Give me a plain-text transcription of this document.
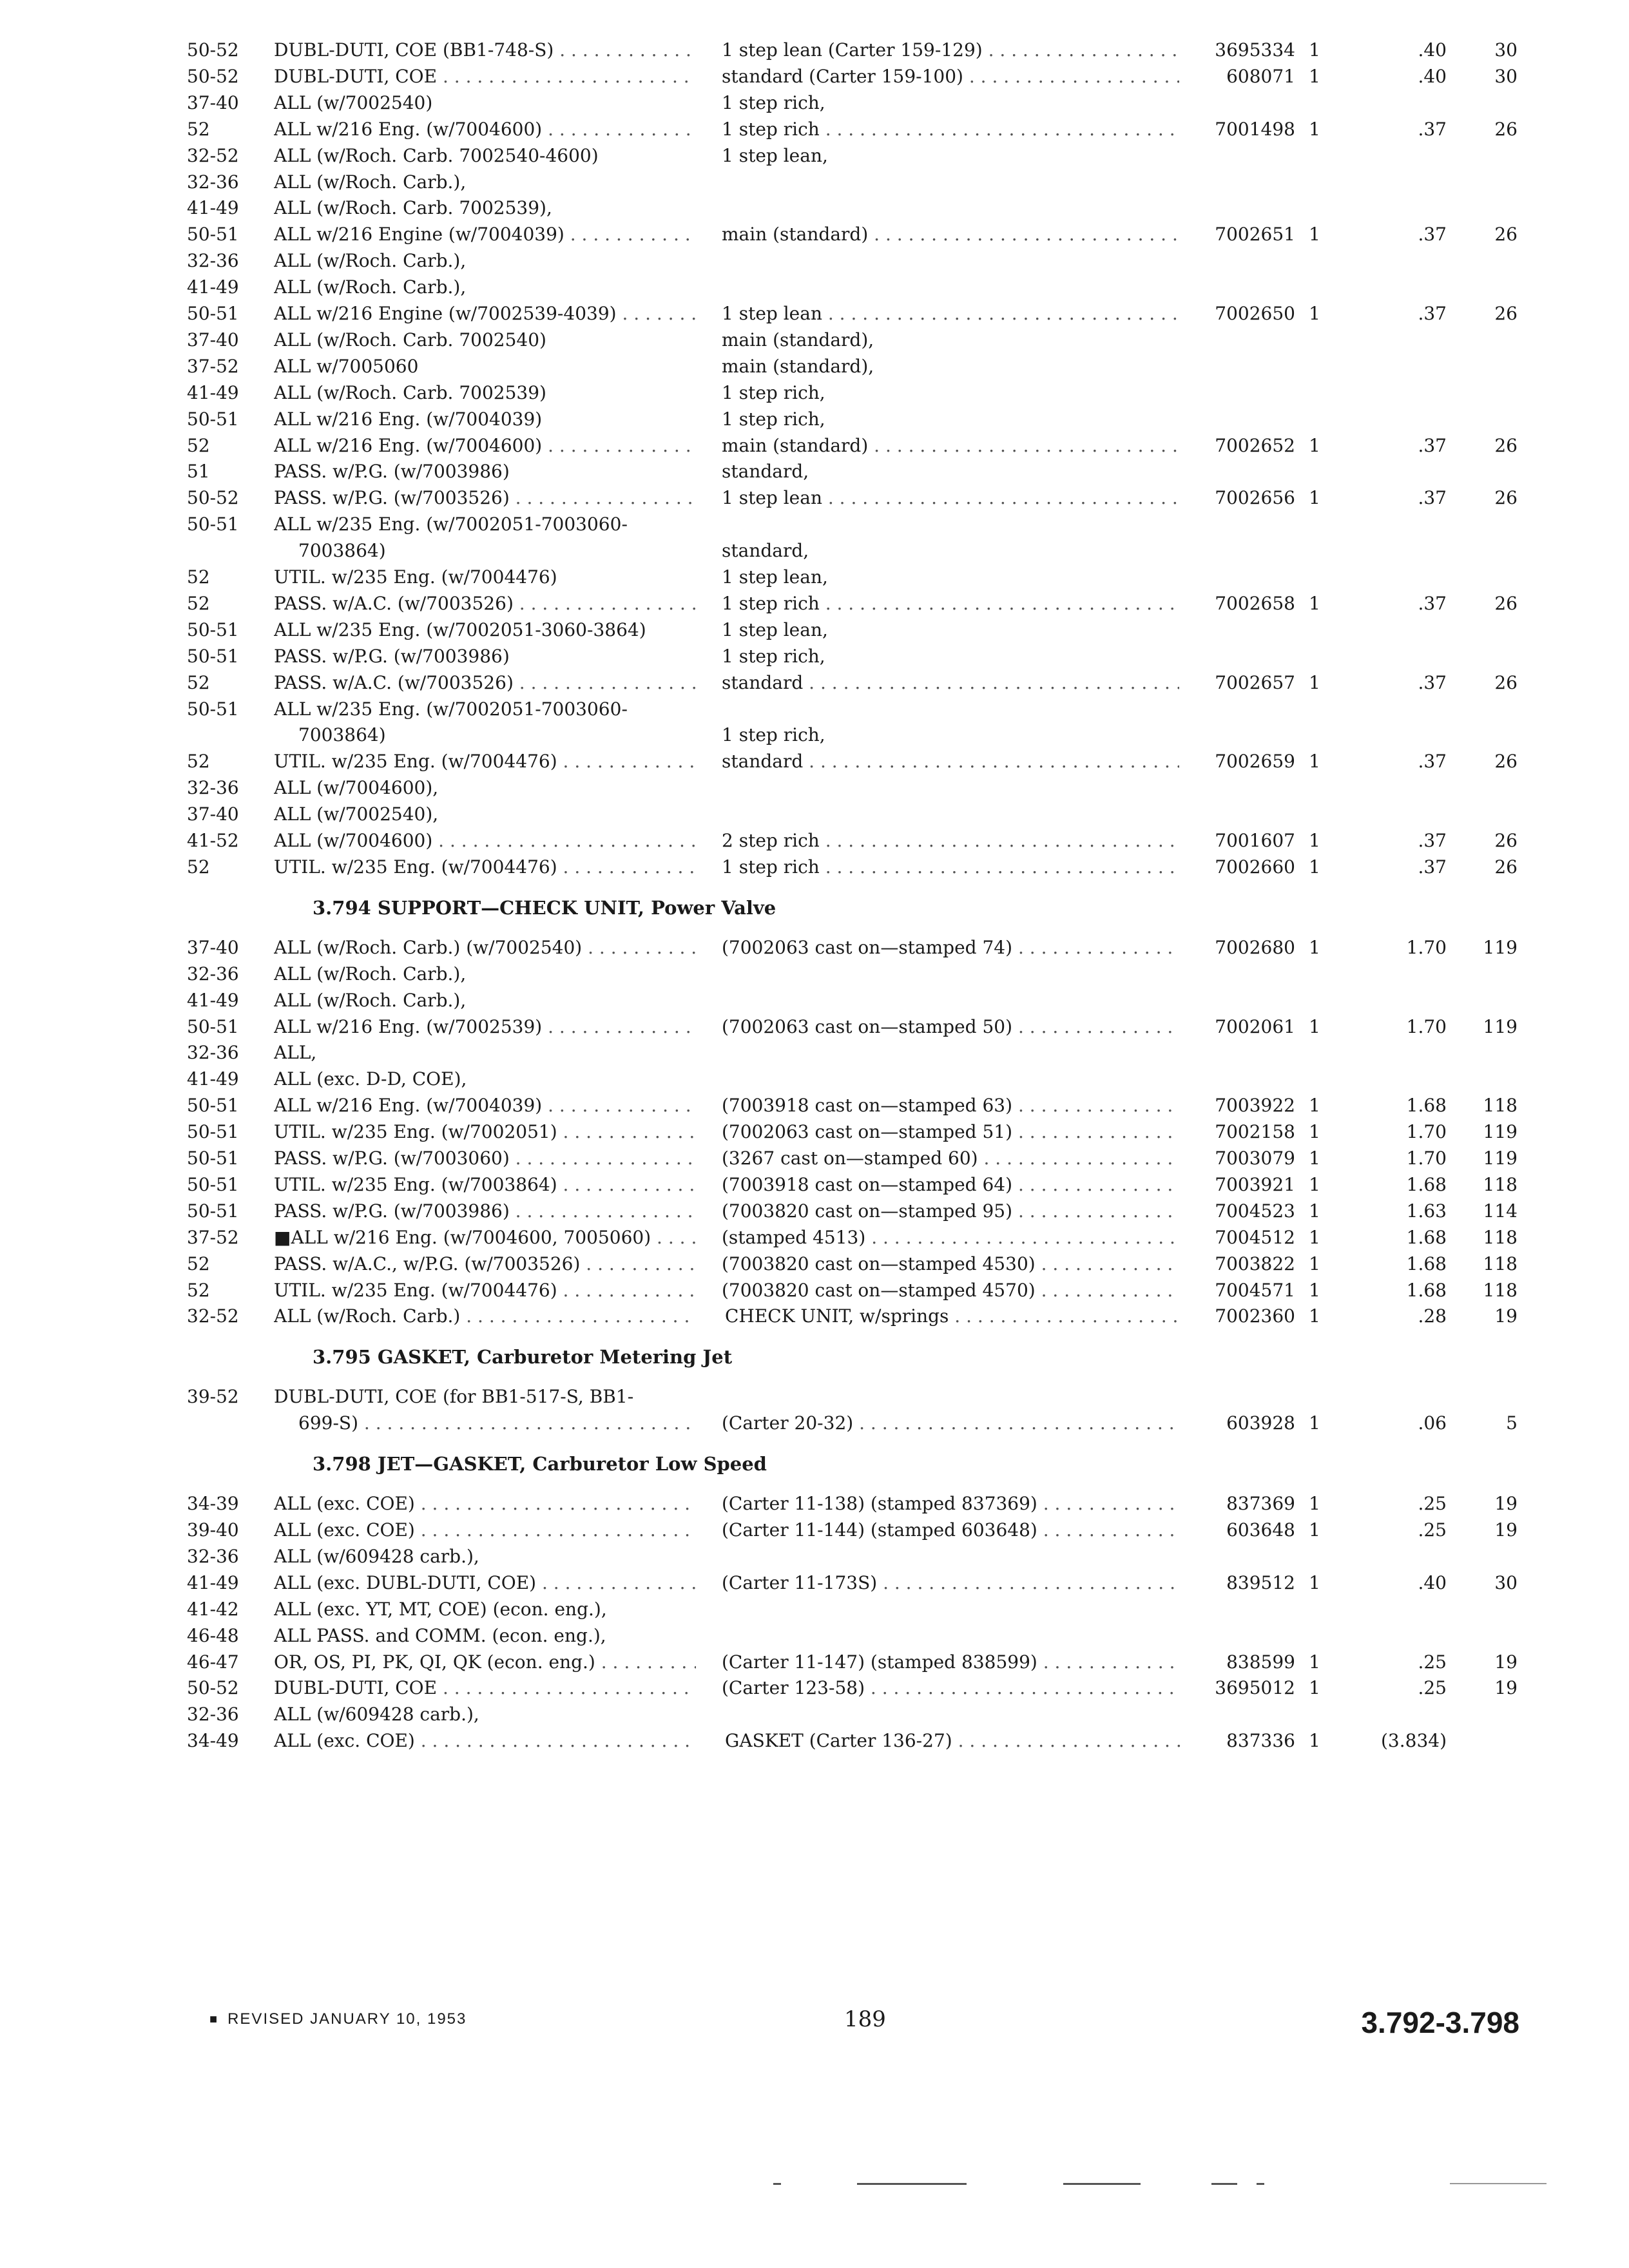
50-52	DUBL-DUTI, COE (BB1-748-S) . . .	1 step lean (Carter 159-129) . . .	3695334 1	.40	30
50-52	DUBL-DUTI, COE . . .	standard (Carter 159-100) . . .	608071 1	.40	30
37-40	ALL (w/7002540)	1 step rich,
52	ALL w/216 Eng. (w/7004600) . . .	1 step rich . . .	7001498 1	.37	26
32-52	ALL (w/Roch. Carb. 7002540-4600)	1 step lean,
32-36	ALL (w/Roch. Carb.),
41-49	ALL (w/Roch. Carb. 7002539),
50-51	ALL w/216 Engine (w/7004039) . . .	main (standard) . . .	7002651 1	.37	26
32-36	ALL (w/Roch. Carb.),
41-49	ALL (w/Roch. Carb.),
50-51	ALL w/216 Engine (w/7002539-4039) . . .	1 step lean . . .	7002650 1	.37	26
37-40	ALL (w/Roch. Carb. 7002540)	main (standard),
37-52	ALL w/7005060	main (standard),
41-49	ALL (w/Roch. Carb. 7002539)	1 step rich,
50-51	ALL w/216 Eng. (w/7004039)	1 step rich,
52	ALL w/216 Eng. (w/7004600) . . .	main (standard) . . .	7002652 1	.37	26
51	PASS. w/P.G. (w/7003986)	standard,
50-52	PASS. w/P.G. (w/7003526) . . .	1 step lean . . .	7002656 1	.37	26
50-51	ALL w/235 Eng. (w/7002051-7003060-
7003864)	standard,
52	UTIL. w/235 Eng. (w/7004476)	1 step lean,
52	PASS. w/A.C. (w/7003526) . . .	1 step rich . . .	7002658 1	.37	26
50-51	ALL w/235 Eng. (w/7002051-3060-3864)	1 step lean,
50-51	PASS. w/P.G. (w/7003986)	1 step rich,
52	PASS. w/A.C. (w/7003526) . . .	standard . . .	7002657 1	.37	26
50-51	ALL w/235 Eng. (w/7002051-7003060-
7003864)	1 step rich,
52	UTIL. w/235 Eng. (w/7004476) . . .	standard . . .	7002659 1	.37	26
32-36	ALL (w/7004600),
37-40	ALL (w/7002540),
41-52	ALL (w/7004600) . . .	2 step rich . . .	7001607 1	.37	26
52	UTIL. w/235 Eng. (w/7004476) . . .	1 step rich . . .	7002660 1	.37	26
3.794 SUPPORT—CHECK UNIT, Power Valve
37-40	ALL (w/Roch. Carb.) (w/7002540) . . .	(7002063 cast on—stamped 74) . . .	7002680 1	1.70	119
32-36	ALL (w/Roch. Carb.),
41-49	ALL (w/Roch. Carb.),
50-51	ALL w/216 Eng. (w/7002539) . . .	(7002063 cast on—stamped 50) . . .	7002061 1	1.70	119
32-36	ALL,
41-49	ALL (exc. D-D, COE),
50-51	ALL w/216 Eng. (w/7004039) . . .	(7003918 cast on—stamped 63) . . .	7003922 1	1.68	118
50-51	UTIL. w/235 Eng. (w/7002051) . . .	(7002063 cast on—stamped 51) . . .	7002158 1	1.70	119
50-51	PASS. w/P.G. (w/7003060) . . .	(3267 cast on—stamped 60) . . .	7003079 1	1.70	119
50-51	UTIL. w/235 Eng. (w/7003864) . . .	(7003918 cast on—stamped 64) . . .	7003921 1	1.68	118
50-51	PASS. w/P.G. (w/7003986) . . .	(7003820 cast on—stamped 95) . . .	7004523 1	1.63	114
37-52	■ALL w/216 Eng. (w/7004600, 7005060) . . .	(stamped 4513) . . .	7004512 1	1.68	118
52	PASS. w/A.C., w/P.G. (w/7003526) . . .	(7003820 cast on—stamped 4530) . . .	7003822 1	1.68	118
52	UTIL. w/235 Eng. (w/7004476) . . .	(7003820 cast on—stamped 4570) . . .	7004571 1	1.68	118
32-52	ALL (w/Roch. Carb.) . . .	CHECK UNIT, w/springs . . .	7002360 1	.28	19
3.795 GASKET, Carburetor Metering Jet
39-52	DUBL-DUTI, COE (for BB1-517-S, BB1-
699-S) . . .	(Carter 20-32) . . .	603928 1	.06	5
3.798 JET—GASKET, Carburetor Low Speed
34-39	ALL (exc. COE) . . .	(Carter 11-138) (stamped 837369) . . .	837369 1	.25	19
39-40	ALL (exc. COE) . . .	(Carter 11-144) (stamped 603648) . . .	603648 1	.25	19
32-36	ALL (w/609428 carb.),
41-49	ALL (exc. DUBL-DUTI, COE) . . .	(Carter 11-173S) . . .	839512 1	.40	30
41-42	ALL (exc. YT, MT, COE) (econ. eng.),
46-48	ALL PASS. and COMM. (econ. eng.),
46-47	OR, OS, PI, PK, QI, QK (econ. eng.) . . .	(Carter 11-147) (stamped 838599) . . .	838599 1	.25	19
50-52	DUBL-DUTI, COE . . .	(Carter 123-58) . . .	3695012 1	.25	19
32-36	ALL (w/609428 carb.),
34-49	ALL (exc. COE) . . .	GASKET (Carter 136-27) . . .	837336 1	(3.834)
■ REVISED JANUARY 10, 1953	189	3.792-3.798
